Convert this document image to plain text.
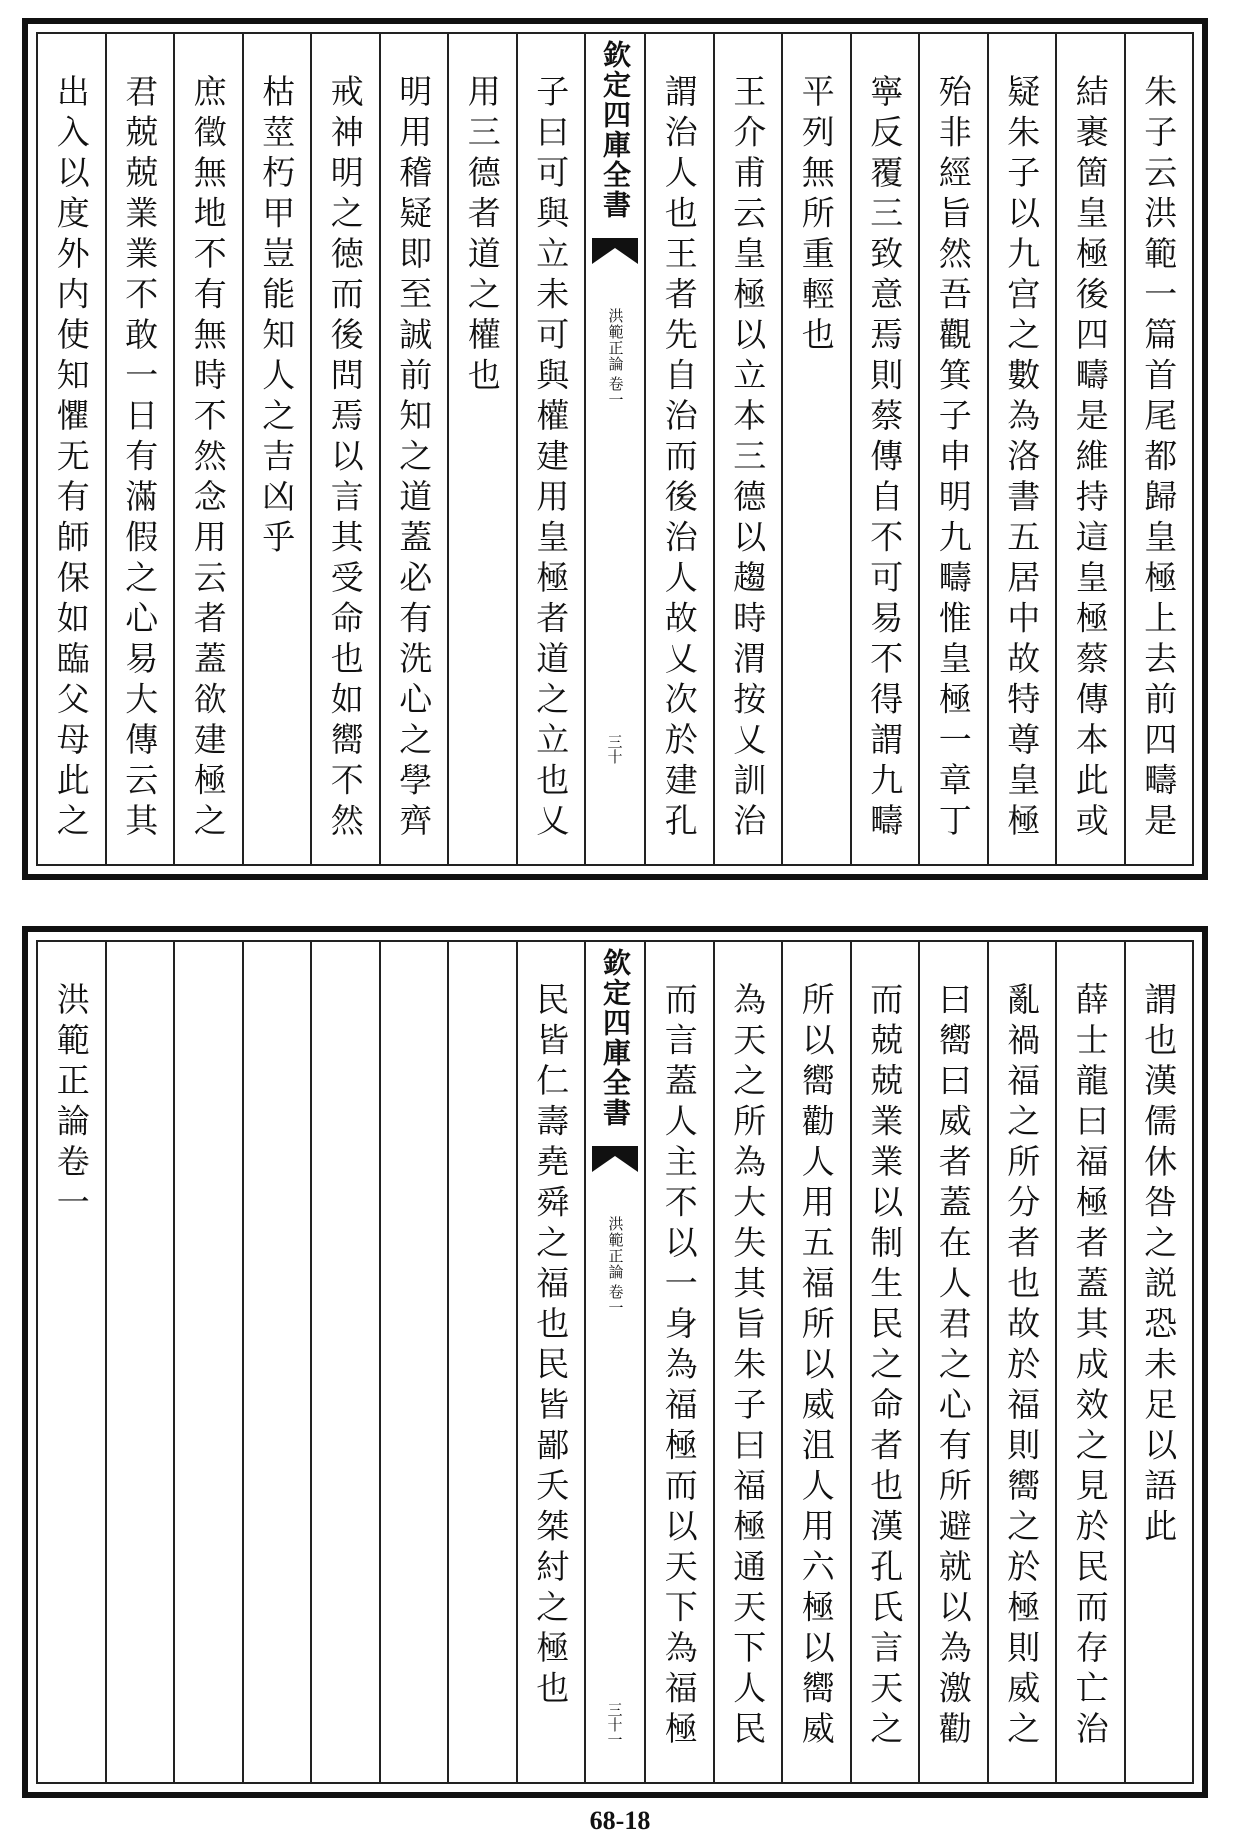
朱子云洪範一篇首尾都歸皇極上去前四疇是
結裹箇皇極後四疇是維持這皇極蔡傳本此或
疑朱子以九宫之數為洛書五居中故特尊皇極
殆非經旨然吾觀箕子申明九疇惟皇極一章丁
寧反覆三致意焉則蔡傳自不可易不得謂九疇
平列無所重輕也
王介甫云皇極以立本三德以趨時渭按乂訓治
謂治人也王者先自治而後治人故乂次於建孔
欽定四庫全書
洪範正論
卷一
三十
子曰可與立未可與權建用皇極者道之立也乂
用三德者道之權也
明用稽疑即至誠前知之道蓋必有洗心之學齊
戒神明之徳而後問焉以言其受命也如嚮不然
枯莖朽甲豈能知人之吉凶乎
庶徵無地不有無時不然念用云者蓋欲建極之
君兢兢業業不敢一日有滿假之心易大傳云其
出入以度外内使知懼无有師保如臨父母此之
謂也漢儒休咎之説恐未足以語此
薛士龍曰福極者蓋其成效之見於民而存亡治
亂禍福之所分者也故於福則嚮之於極則威之
曰嚮曰威者蓋在人君之心有所避就以為激勸
而兢兢業業以制生民之命者也漢孔氏言天之
所以嚮勸人用五福所以威沮人用六極以嚮威
為天之所為大失其旨朱子曰福極通天下人民
而言蓋人主不以一身為福極而以天下為福極
欽定四庫全書
洪範正論
卷一
三十一
民皆仁壽堯舜之福也民皆鄙夭桀紂之極也
洪範正論卷一
68-18
